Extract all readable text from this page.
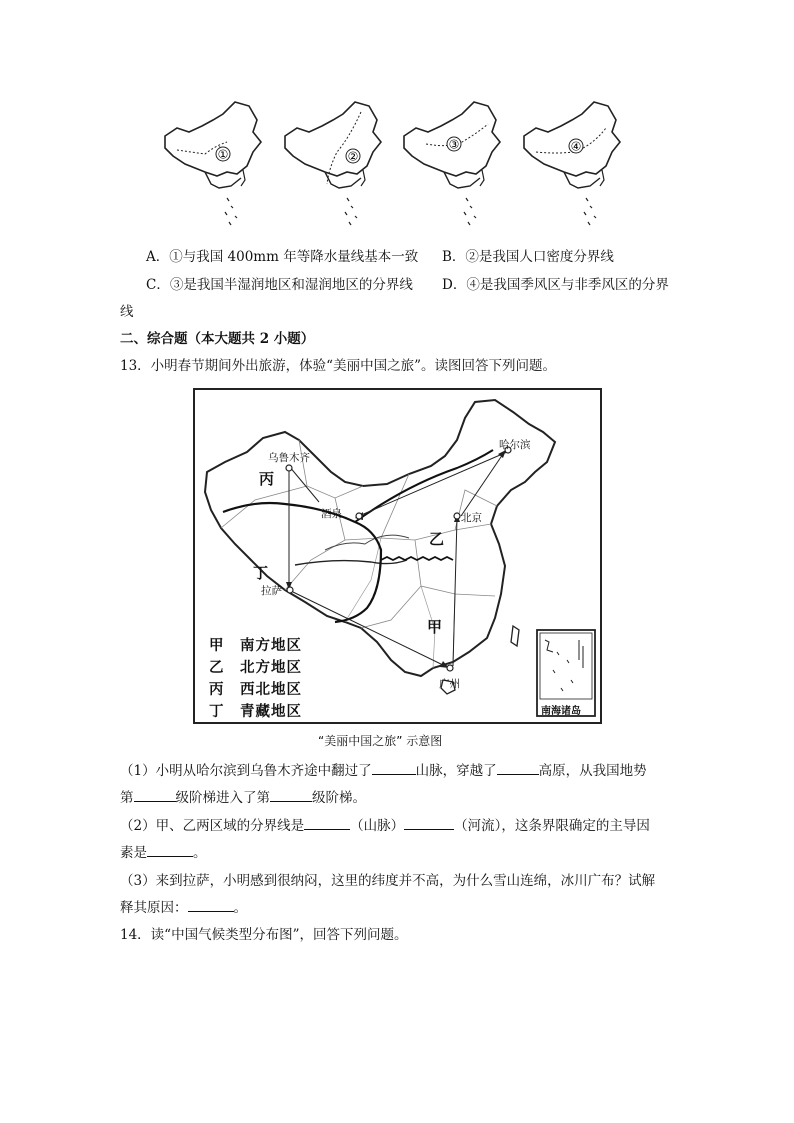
①	②
③	④
A．①与我国 400mm 年等降水量线基本一致 B．②是我国人口密度分界线
C．③是我国半湿润地区和湿润地区的分界线 D．④是我国季风区与非季风区的分界
线
二、综合题（本大题共 2 小题）
13．小明春节期间外出旅游，体验“美丽中国之旅”。读图回答下列问题。
乌鲁木齐
哈尔滨
酒泉	北京
拉萨
广州
丙
乙
丁
甲
甲　南方地区
乙　北方地区
丙　西北地区
丁　青藏地区	南海诸岛
“美丽中国之旅” 示意图
（1）小明从哈尔滨到乌鲁木齐途中翻过了	山脉，穿越了	高原，从我国地势
第	级阶梯进入了第	级阶梯。
（2）甲、乙两区域的分界线是	（山脉）	（河流），这条界限确定的主导因
素是	。
（3）来到拉萨，小明感到很纳闷，这里的纬度并不高，为什么雪山连绵，冰川广布？试解
释其原因：	。
14．读“中国气候类型分布图”，回答下列问题。
